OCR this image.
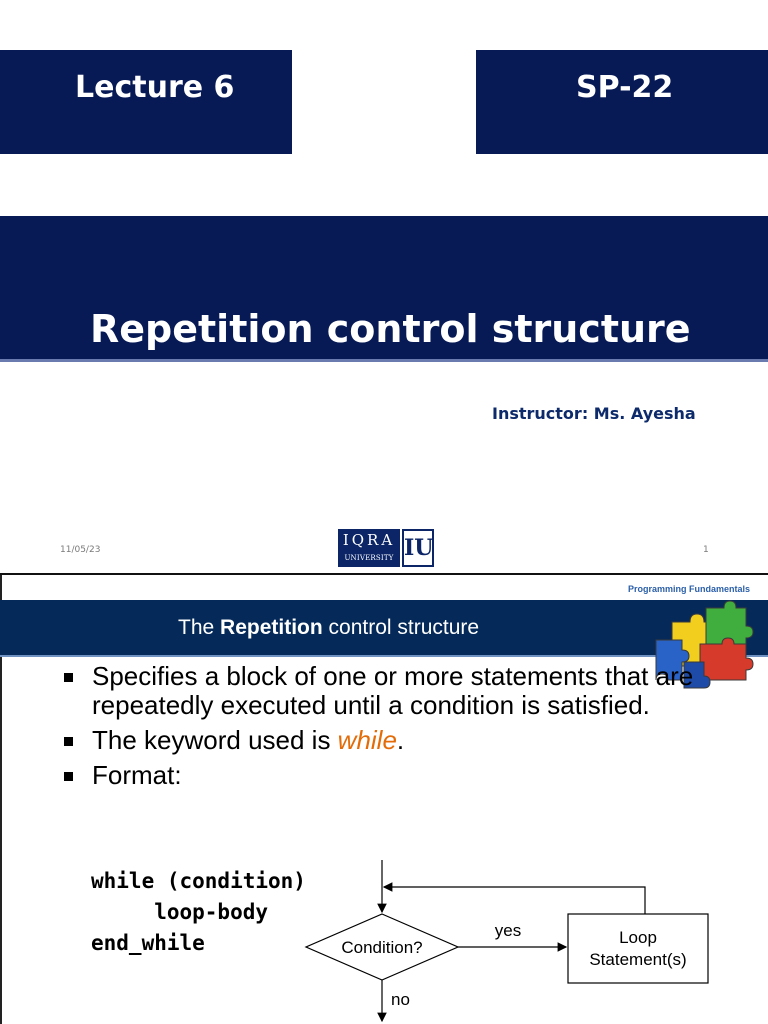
Lecture 6	SP-22
Repetition control structure
Instructor: Ms. Ayesha
11/05/23	1
IQRA
UNIVERSITY IU
Programming Fundamentals
The Repetition control structure
Specifies a block of one or more statements that are repeatedly executed until a condition is satisfied.
The keyword used is while.
Format:
while (condition)
loop-body
end_while	Condition?
yes	Loop
Statement(s)
no
